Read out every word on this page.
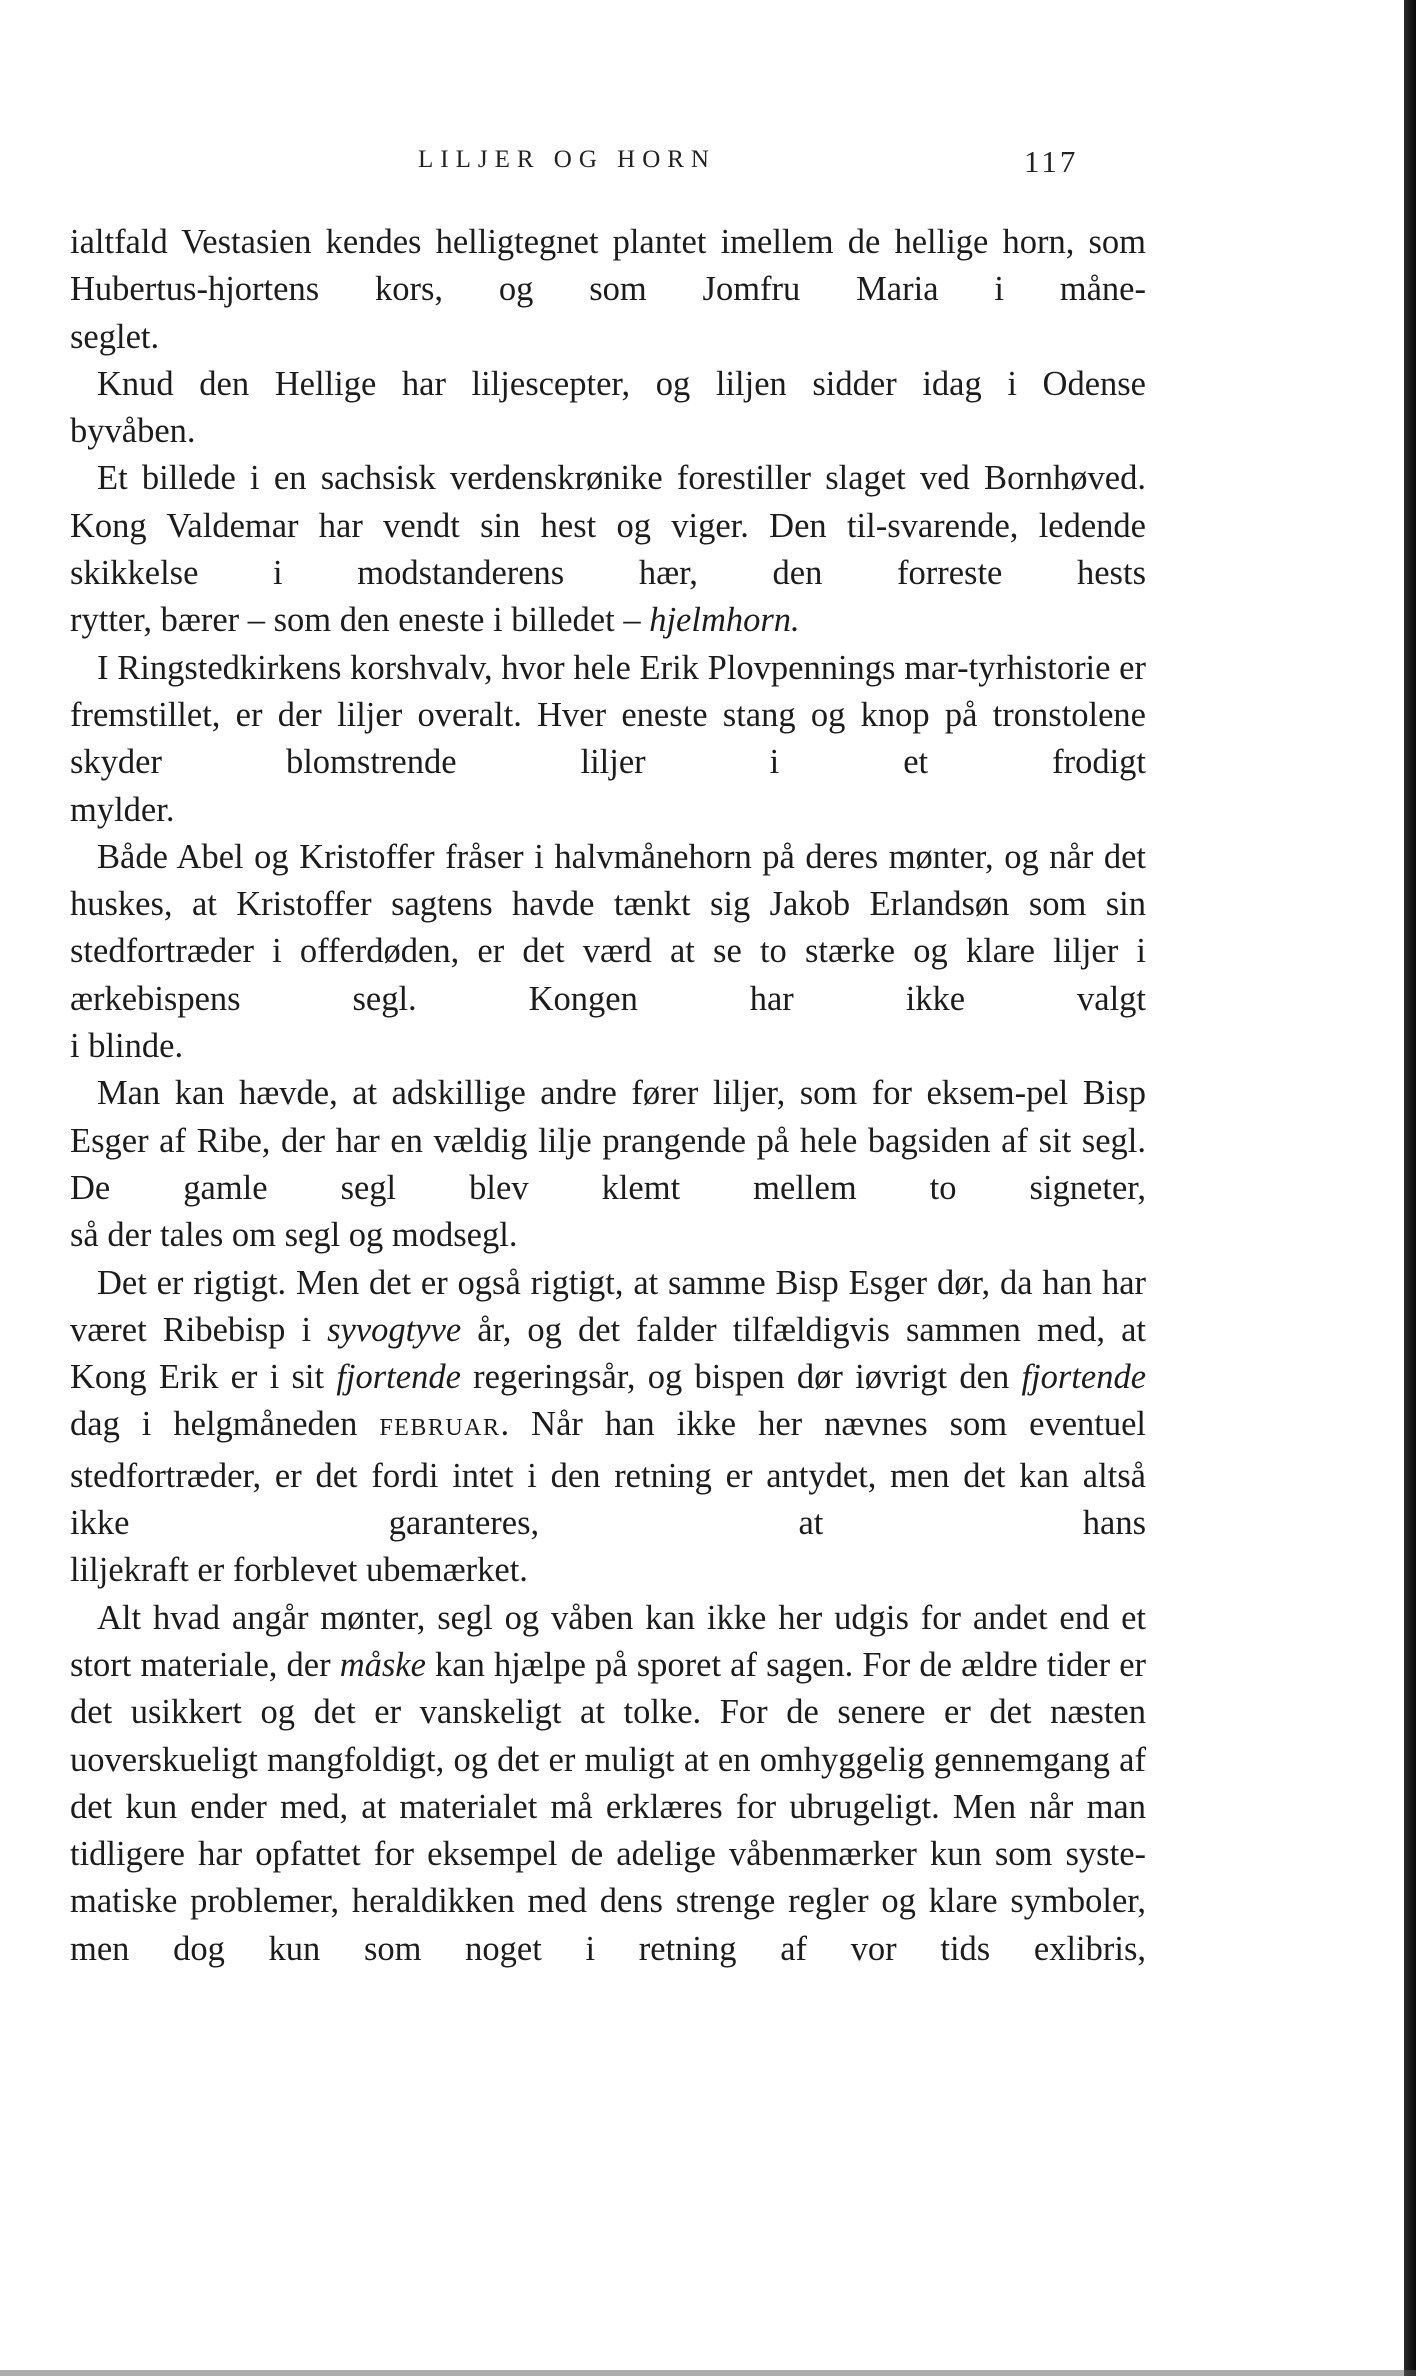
LILJER OG HORN	117

ialtfald Vestasien kendes helligtegnet plantet imellem de hellige horn, som Hubertus-hjortens kors, og som Jomfru Maria i måne-
seglet.

Knud den Hellige har liljescepter, og liljen sidder idag i Odense
byvåben.

Et billede i en sachsisk verdenskrønike forestiller slaget ved Bornhøved. Kong Valdemar har vendt sin hest og viger. Den til-svarende, ledende skikkelse i modstanderens hær, den forreste hests
rytter, bærer – som den eneste i billedet – hjelmhorn.

I Ringstedkirkens korshvalv, hvor hele Erik Plovpennings mar-tyrhistorie er fremstillet, er der liljer overalt. Hver eneste stang og knop på tronstolene skyder blomstrende liljer i et frodigt
mylder.

Både Abel og Kristoffer fråser i halvmånehorn på deres mønter, og når det huskes, at Kristoffer sagtens havde tænkt sig Jakob Erlandsøn som sin stedfortræder i offerdøden, er det værd at se to stærke og klare liljer i ærkebispens segl. Kongen har ikke valgt
i blinde.

Man kan hævde, at adskillige andre fører liljer, som for eksem-pel Bisp Esger af Ribe, der har en vældig lilje prangende på hele bagsiden af sit segl. De gamle segl blev klemt mellem to signeter,
så der tales om segl og modsegl.

Det er rigtigt. Men det er også rigtigt, at samme Bisp Esger dør, da han har været Ribebisp i syvogtyve år, og det falder tilfældigvis sammen med, at Kong Erik er i sit fjortende regeringsår, og bispen dør iøvrigt den fjortende dag i helgmåneden FEBRUAR. Når han ikke her nævnes som eventuel stedfortræder, er det fordi intet i den retning er antydet, men det kan altså ikke garanteres, at hans
liljekraft er forblevet ubemærket.

Alt hvad angår mønter, segl og våben kan ikke her udgis for andet end et stort materiale, der måske kan hjælpe på sporet af sagen. For de ældre tider er det usikkert og det er vanskeligt at tolke. For de senere er det næsten uoverskueligt mangfoldigt, og det er muligt at en omhyggelig gennemgang af det kun ender med, at materialet må erklæres for ubrugeligt. Men når man tidligere har opfattet for eksempel de adelige våbenmærker kun som syste-matiske problemer, heraldikken med dens strenge regler og klare symboler, men dog kun som noget i retning af vor tids exlibris,
